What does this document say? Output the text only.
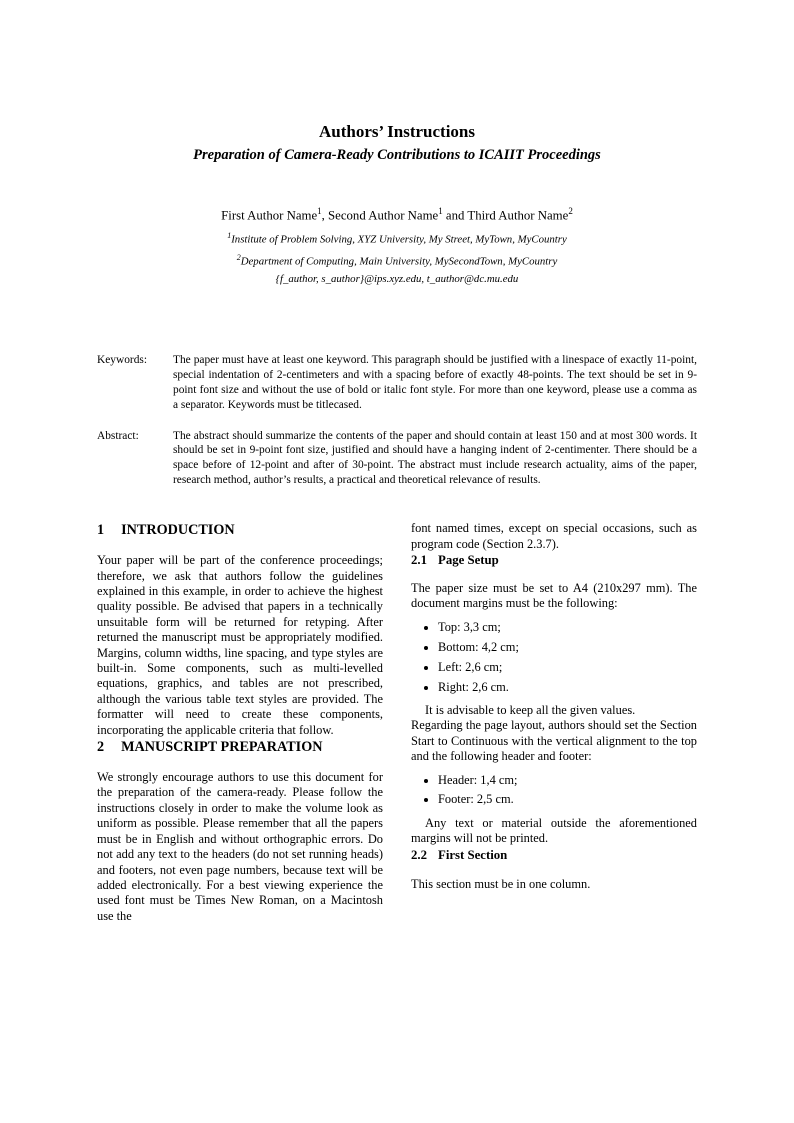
Authors’ Instructions
Preparation of Camera-Ready Contributions to ICAIIT Proceedings
First Author Name$^1$, Second Author Name$^1$ and Third Author Name$^2$
$^1$Institute of Problem Solving, XYZ University, My Street, MyTown, MyCountry
$^2$Department of Computing, Main University, MySecondTown, MyCountry
{f_author, s_author}@ips.xyz.edu, t_author@dc.mu.edu
Keywords:	The paper must have at least one keyword. This paragraph should be justified with a linespace of exactly 11-point, special indentation of 2-centimeters and with a spacing before of exactly 48-points. The text should be set in 9-point font size and without the use of bold or italic font style. For more than one keyword, please use a comma as a separator. Keywords must be titlecased.
Abstract:	The abstract should summarize the contents of the paper and should contain at least 150 and at most 300 words. It should be set in 9-point font size, justified and should have a hanging indent of 2-centimenter. There should be a space before of 12-point and after of 30-point. The abstract must include research actuality, aims of the paper, research method, author’s results, a practical and theoretical relevance of results.
1 INTRODUCTION

Your paper will be part of the conference proceedings; therefore, we ask that authors follow the guidelines explained in this example, in order to achieve the highest quality possible. Be advised that papers in a technically unsuitable form will be returned for retyping. After returned the manuscript must be appropriately modified. Margins, column widths, line spacing, and type styles are built-in. Some components, such as multi-levelled equations, graphics, and tables are not prescribed, although the various table text styles are provided. The formatter will need to create these components, incorporating the applicable criteria that follow.

2 MANUSCRIPT PREPARATION

We strongly encourage authors to use this document for the preparation of the camera-ready. Please follow the instructions closely in order to make the volume look as uniform as possible. Please remember that all the papers must be in English and without orthographic errors. Do not add any text to the headers (do not set running heads) and footers, not even page numbers, because text will be added electronically. For a best viewing experience the used font must be Times New Roman, on a Macintosh use the

font named times, except on special occasions, such as program code (Section 2.3.7).

2.1 Page Setup

The paper size must be set to A4 (210x297 mm). The document margins must be the following:

• Top: 3,3 cm;
• Bottom: 4,2 cm;
• Left: 2,6 cm;
• Right: 2,6 cm.

It is advisable to keep all the given values.

Regarding the page layout, authors should set the Section Start to Continuous with the vertical alignment to the top and the following header and footer:

• Header: 1,4 cm;
• Footer: 2,5 cm.

Any text or material outside the aforementioned margins will not be printed.

2.2 First Section

This section must be in one column.
